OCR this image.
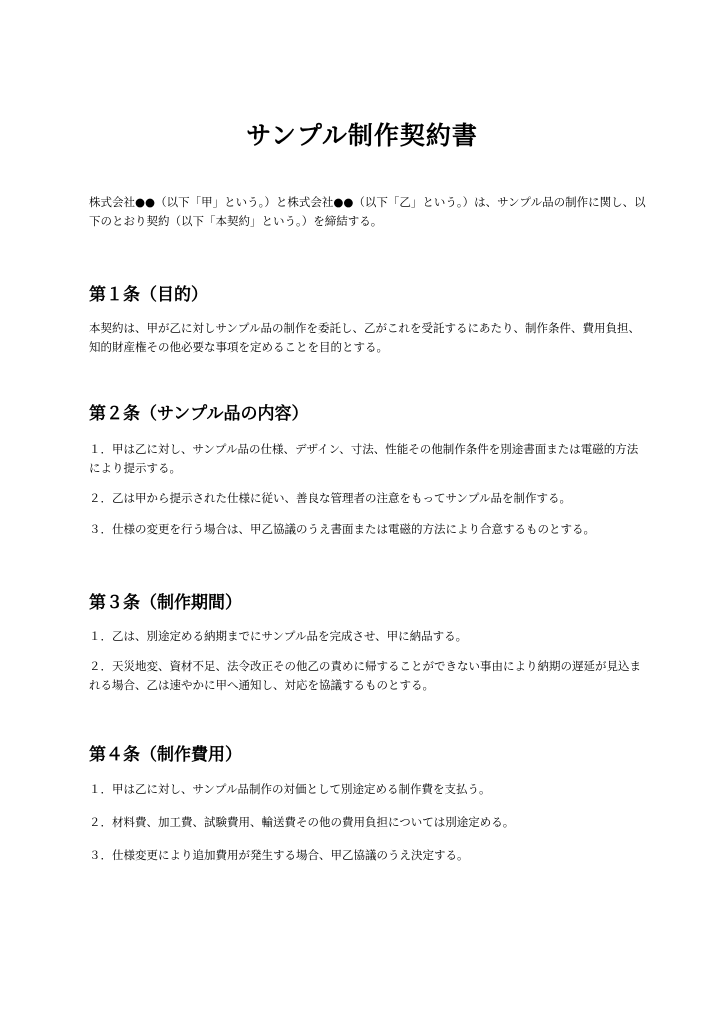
サンプル制作契約書

株式会社●●（以下「甲」という。）と株式会社●●（以下「乙」という。）は、サンプル品の制作に関し、以下のとおり契約（以下「本契約」という。）を締結する。

第１条（目的）

本契約は、甲が乙に対しサンプル品の制作を委託し、乙がこれを受託するにあたり、制作条件、費用負担、知的財産権その他必要な事項を定めることを目的とする。

第２条（サンプル品の内容）

１．甲は乙に対し、サンプル品の仕様、デザイン、寸法、性能その他制作条件を別途書面または電磁的方法により提示する。

２．乙は甲から提示された仕様に従い、善良な管理者の注意をもってサンプル品を制作する。

３．仕様の変更を行う場合は、甲乙協議のうえ書面または電磁的方法により合意するものとする。

第３条（制作期間）

１．乙は、別途定める納期までにサンプル品を完成させ、甲に納品する。

２．天災地変、資材不足、法令改正その他乙の責めに帰することができない事由により納期の遅延が見込まれる場合、乙は速やかに甲へ通知し、対応を協議するものとする。

第４条（制作費用）

１．甲は乙に対し、サンプル品制作の対価として別途定める制作費を支払う。

２．材料費、加工費、試験費用、輸送費その他の費用負担については別途定める。

３．仕様変更により追加費用が発生する場合、甲乙協議のうえ決定する。
